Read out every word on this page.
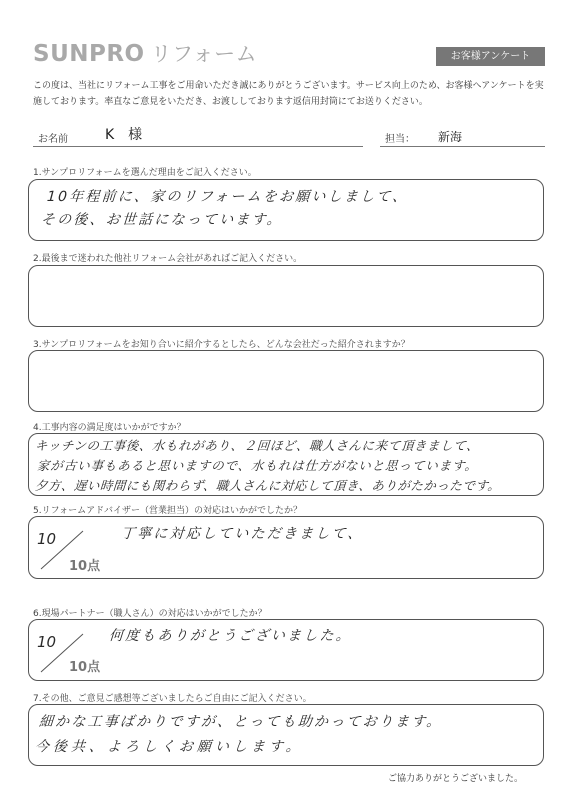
SUNPRO リフォーム	お客様アンケート
この度は、当社にリフォーム工事をご用命いただき誠にありがとうございます。サービス向上のため、お客様へアンケートを実施しております。率直なご意見をいただき、お渡ししております返信用封筒にてお送りください。
お名前	K　様	担当： 新海
1.サンプロリフォームを選んだ理由をご記入ください。
10年程前に、家のリフォームをお願いしまして、
その後、お世話になっています。
2.最後まで迷われた他社リフォーム会社があればご記入ください。
3.サンプロリフォームをお知り合いに紹介するとしたら、どんな会社だった紹介されますか？
4.工事内容の満足度はいかがですか？
キッチンの工事後、水もれがあり、２回ほど、職人さんに来て頂きまして、
家が古い事もあると思いますので、水もれは仕方がないと思っています。
夕方、遅い時間にも関わらず、職人さんに対応して頂き、ありがたかったです。
5.リフォームアドバイザー（営業担当）の対応はいかがでしたか？
10
10点
丁寧に対応していただきまして、
6.現場パートナー（職人さん）の対応はいかがでしたか？
10
10点
何度もありがとうございました。
7.その他、ご意見ご感想等ございましたらご自由にご記入ください。
細かな工事ばかりですが、とっても助かっております。
今後共、よろしくお願いします。
ご協力ありがとうございました。
